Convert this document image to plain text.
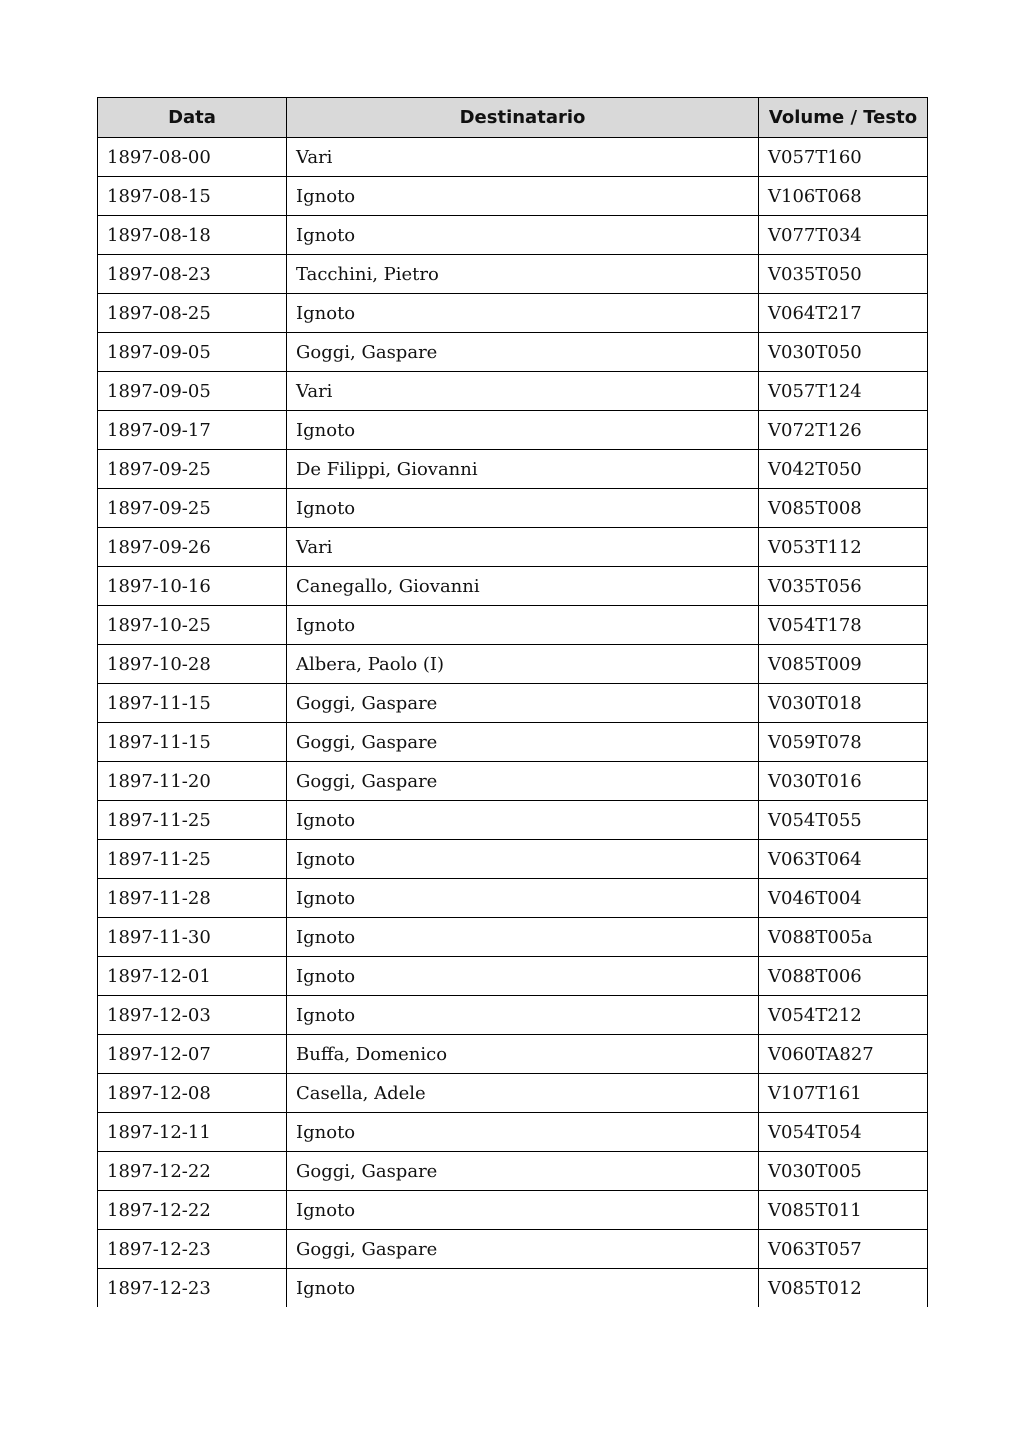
Data	Destinatario	Volume / Testo
1897-08-00	Vari	V057T160
1897-08-15	Ignoto	V106T068
1897-08-18	Ignoto	V077T034
1897-08-23	Tacchini, Pietro	V035T050
1897-08-25	Ignoto	V064T217
1897-09-05	Goggi, Gaspare	V030T050
1897-09-05	Vari	V057T124
1897-09-17	Ignoto	V072T126
1897-09-25	De Filippi, Giovanni	V042T050
1897-09-25	Ignoto	V085T008
1897-09-26	Vari	V053T112
1897-10-16	Canegallo, Giovanni	V035T056
1897-10-25	Ignoto	V054T178
1897-10-28	Albera, Paolo (I)	V085T009
1897-11-15	Goggi, Gaspare	V030T018
1897-11-15	Goggi, Gaspare	V059T078
1897-11-20	Goggi, Gaspare	V030T016
1897-11-25	Ignoto	V054T055
1897-11-25	Ignoto	V063T064
1897-11-28	Ignoto	V046T004
1897-11-30	Ignoto	V088T005a
1897-12-01	Ignoto	V088T006
1897-12-03	Ignoto	V054T212
1897-12-07	Buffa, Domenico	V060TA827
1897-12-08	Casella, Adele	V107T161
1897-12-11	Ignoto	V054T054
1897-12-22	Goggi, Gaspare	V030T005
1897-12-22	Ignoto	V085T011
1897-12-23	Goggi, Gaspare	V063T057
1897-12-23	Ignoto	V085T012
